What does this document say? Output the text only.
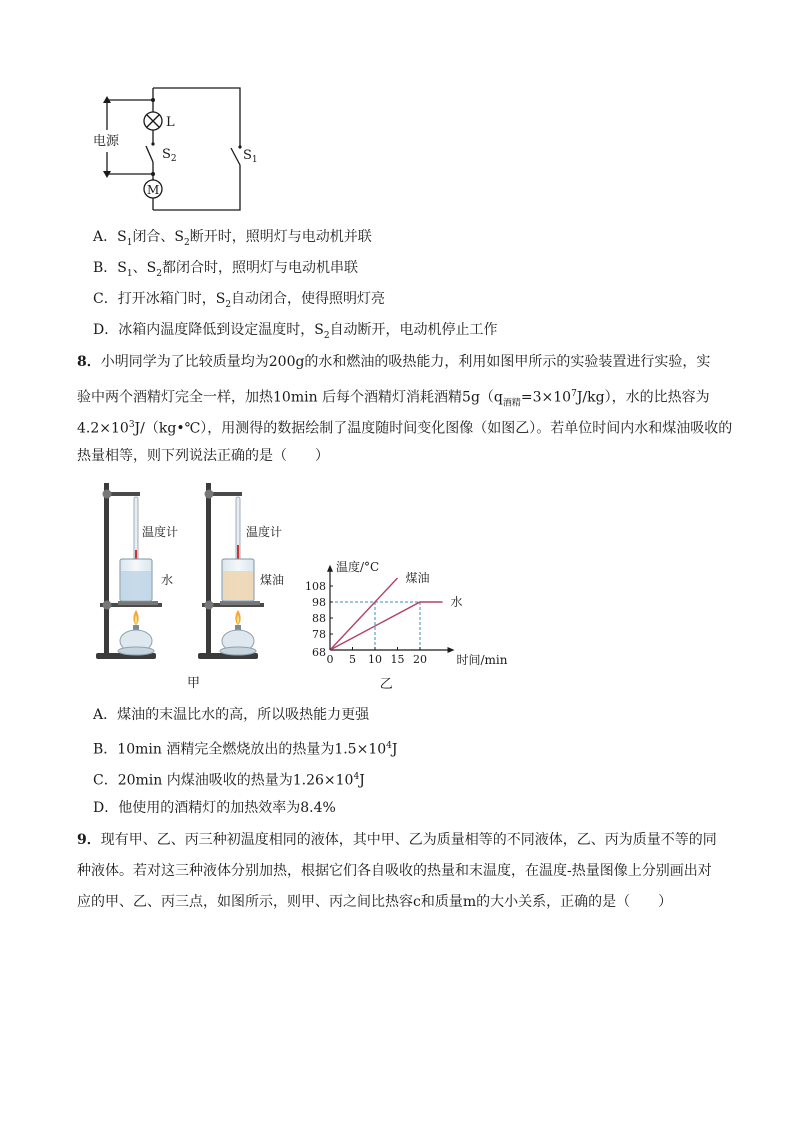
电源
L
M
$S_2$	$S_1$
A．$S_1$闭合、$S_2$断开时，照明灯与电动机并联
B．$S_1$、$S_2$都闭合时，照明灯与电动机串联
C．打开冰箱门时，$S_2$自动闭合，使得照明灯亮
D．冰箱内温度降低到设定温度时，$S_2$自动断开，电动机停止工作
8．小明同学为了比较质量均为200g的水和燃油的吸热能力，利用如图甲所示的实验装置进行实验，实
验中两个酒精灯完全一样，加热10min 后每个酒精灯消耗酒精$5g(q_{酒精}=3\times 10^7J/kg)$，水的比热容为
$4.2\times 10^3J/(kg•℃)$，用测得的数据绘制了温度随时间变化图像（如图乙）。若单位时间内水和煤油吸收的
热量相等，则下列说法正确的是（　　）
温度计
水
温度计
煤油
甲
煤油
水
0 5 10 15 20
68
78
88
98
108
温度/°C
时间/min
乙
A．煤油的末温比水的高，所以吸热能力更强
B．10min 酒精完全燃烧放出的热量为$1.5\times 10^4J$
C．20min 内煤油吸收的热量为$1.26\times 10^4J$
D．他使用的酒精灯的加热效率为8.4%
9．现有甲、乙、丙三种初温度相同的液体，其中甲、乙为质量相等的不同液体，乙、丙为质量不等的同
种液体。若对这三种液体分别加热，根据它们各自吸收的热量和末温度，在温度-热量图像上分别画出对
应的甲、乙、丙三点，如图所示，则甲、丙之间比热容c和质量m的大小关系，正确的是（　　）
